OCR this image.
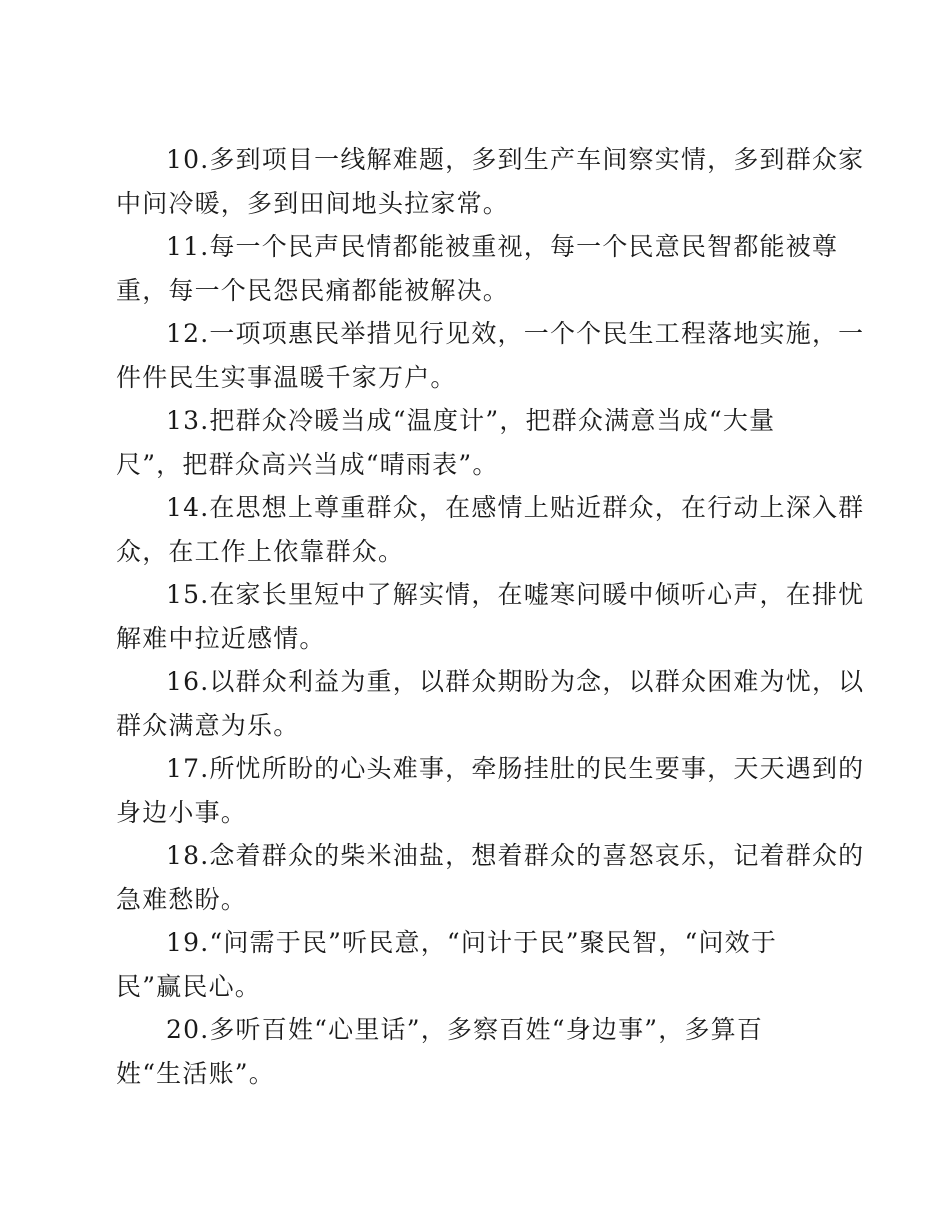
10.多到项目一线解难题，多到生产车间察实情，多到群众家
中问冷暖，多到田间地头拉家常。
11.每一个民声民情都能被重视，每一个民意民智都能被尊
重，每一个民怨民痛都能被解决。
12.一项项惠民举措见行见效，一个个民生工程落地实施，一
件件民生实事温暖千家万户。
13.把群众冷暖当成“温度计”，把群众满意当成“大量
尺”，把群众高兴当成“晴雨表”。
14.在思想上尊重群众，在感情上贴近群众，在行动上深入群
众，在工作上依靠群众。
15.在家长里短中了解实情，在嘘寒问暖中倾听心声，在排忧
解难中拉近感情。
16.以群众利益为重，以群众期盼为念，以群众困难为忧，以
群众满意为乐。
17.所忧所盼的心头难事，牵肠挂肚的民生要事，天天遇到的
身边小事。
18.念着群众的柴米油盐，想着群众的喜怒哀乐，记着群众的
急难愁盼。
19.“问需于民”听民意，“问计于民”聚民智，“问效于
民”赢民心。
20.多听百姓“心里话”，多察百姓“身边事”，多算百
姓“生活账”。
